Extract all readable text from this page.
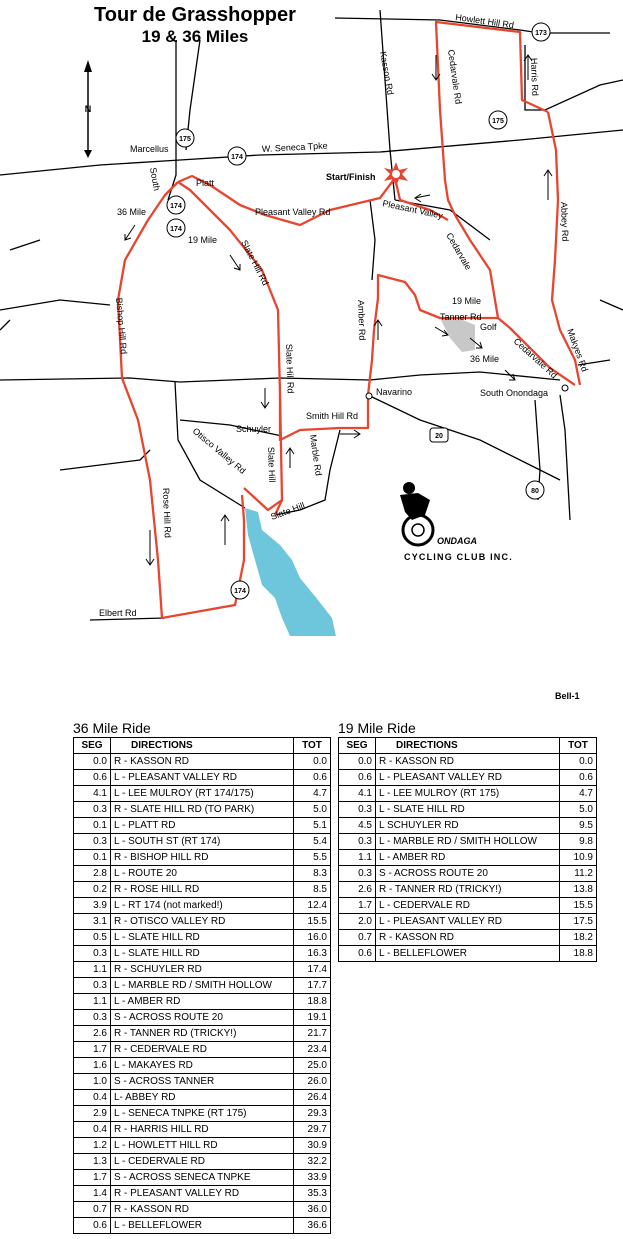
Tour de Grasshopper
19 & 36 Miles
N
173
175
175
174
174
174
174
20
80
Howlett Hill Rd
Kasson Rd	Cedarvale Rd	Harris Rd
Marcellus	W. Seneca Tpke
Start/Finish
South	Platt
Pleasant Valley Rd	Pleasant Valley
36 Mile
19 Mile Slate Hill Rd
Abbey Rd
Cedarvale
19 Mile
Tanner Rd
Golf
Bishop Hill Rd	Amber Rd
Makyes Rd
36 Mile Cedarvale Rd
South Onondaga
Navarino
Slate Hill Rd
Smith Hill Rd
Schuyler
Marble Rd
Otisco Valley Rd Slate Hill
Slate Hill
Rose Hill Rd
Elbert Rd
ONDAGA
CYCLING CLUB INC.
Bell-1
36 Mile Ride
SEG	DIRECTIONS	TOT
0.0	R - KASSON RD	0.0
0.6	L - PLEASANT VALLEY RD	0.6
4.1	L - LEE MULROY (RT 174/175)	4.7
0.3	R - SLATE HILL RD (TO PARK)	5.0
0.1	L - PLATT RD	5.1
0.3	L - SOUTH ST (RT 174)	5.4
0.1	R - BISHOP HILL RD	5.5
2.8	L - ROUTE 20	8.3
0.2	R - ROSE HILL RD	8.5
3.9	L - RT 174 (not marked!)	12.4
3.1	R - OTISCO VALLEY RD	15.5
0.5	L - SLATE HILL RD	16.0
0.3	L - SLATE HILL RD	16.3
1.1	R - SCHUYLER RD	17.4
0.3	L - MARBLE RD / SMITH HOLLOW	17.7
1.1	L - AMBER RD	18.8
0.3	S - ACROSS ROUTE 20	19.1
2.6	R - TANNER RD (TRICKY!)	21.7
1.7	R - CEDERVALE RD	23.4
1.6	L - MAKAYES RD	25.0
1.0	S - ACROSS TANNER	26.0
0.4	L- ABBEY RD	26.4
2.9	L - SENECA TNPKE (RT 175)	29.3
0.4	R - HARRIS HILL RD	29.7
1.2	L - HOWLETT HILL RD	30.9
1.3	L - CEDERVALE RD	32.2
1.7	S - ACROSS SENECA TNPKE	33.9
1.4	R - PLEASANT VALLEY RD	35.3
0.7	R - KASSON RD	36.0
0.6	L - BELLEFLOWER	36.6
19 Mile Ride
SEG	DIRECTIONS	TOT
0.0	R - KASSON RD	0.0
0.6	L - PLEASANT VALLEY RD	0.6
4.1	L - LEE MULROY (RT 175)	4.7
0.3	L - SLATE HILL RD	5.0
4.5	L SCHUYLER RD	9.5
0.3	L - MARBLE RD / SMITH HOLLOW	9.8
1.1	L - AMBER RD	10.9
0.3	S - ACROSS ROUTE 20	11.2
2.6	R - TANNER RD (TRICKY!)	13.8
1.7	L - CEDERVALE RD	15.5
2.0	L - PLEASANT VALLEY RD	17.5
0.7	R - KASSON RD	18.2
0.6	L - BELLEFLOWER	18.8
